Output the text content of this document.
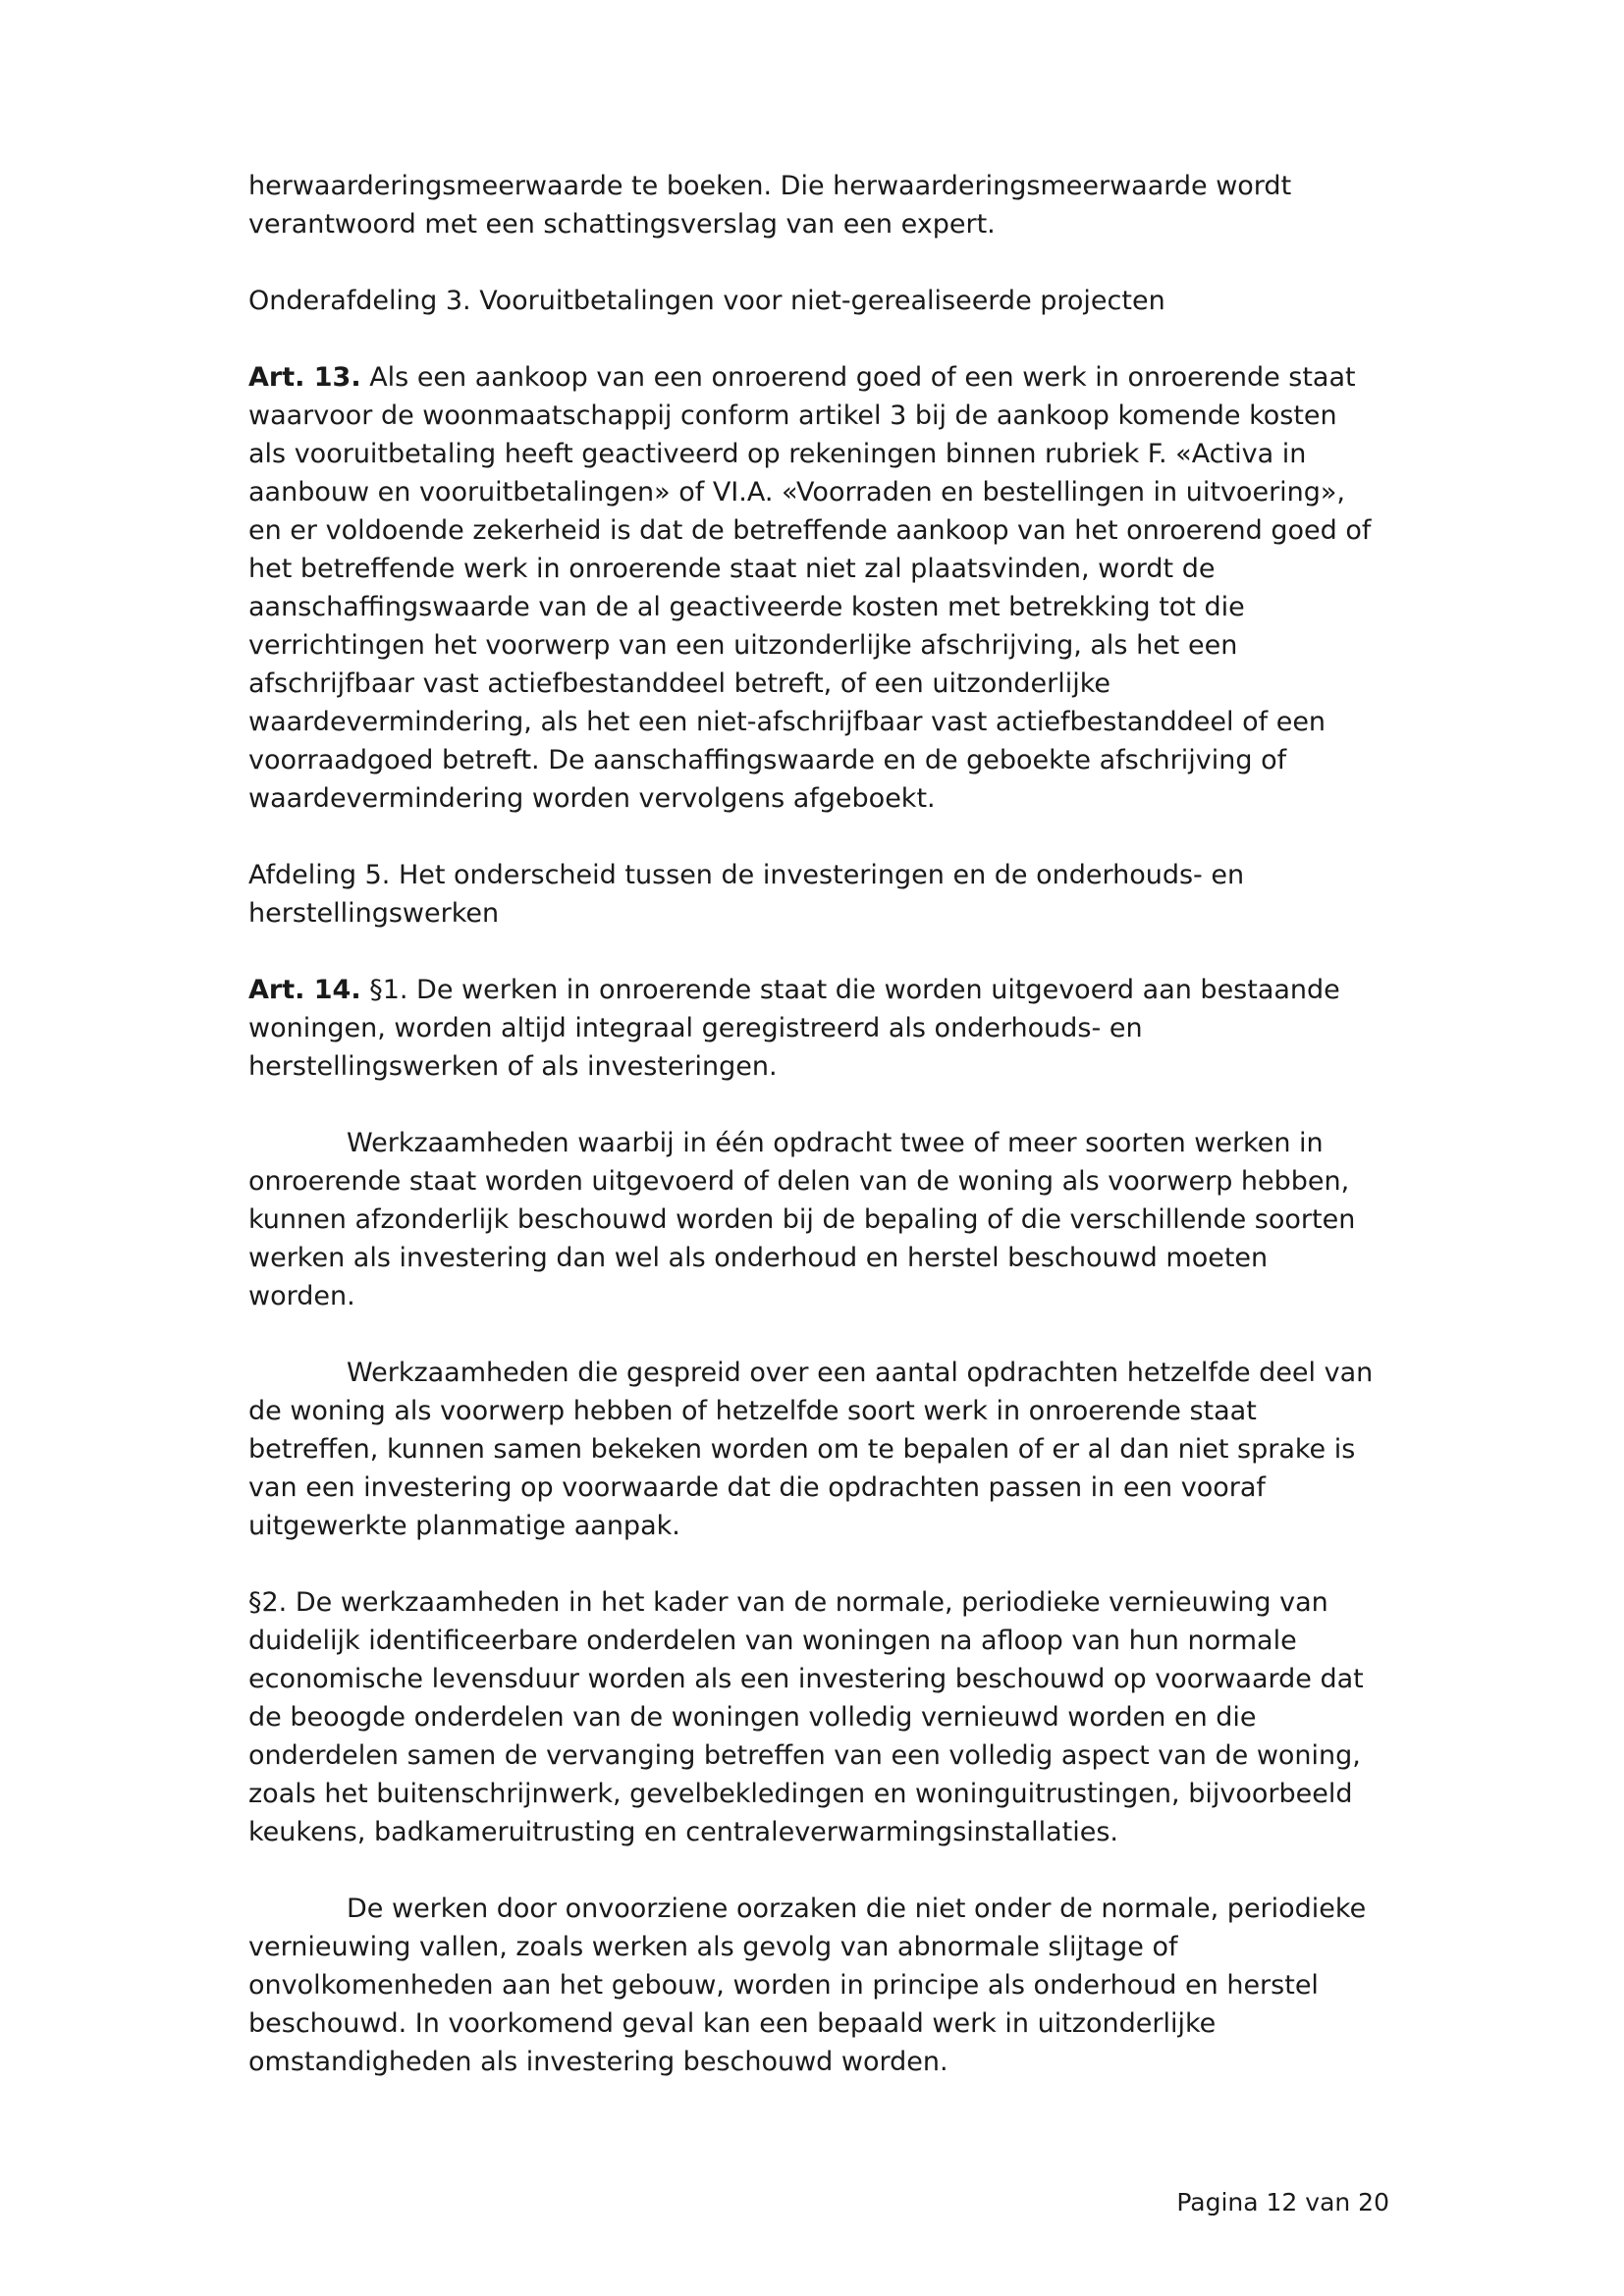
herwaarderingsmeerwaarde te boeken. Die herwaarderingsmeerwaarde wordt
verantwoord met een schattingsverslag van een expert.

Onderafdeling 3. Vooruitbetalingen voor niet-gerealiseerde projecten

Art. 13. Als een aankoop van een onroerend goed of een werk in onroerende staat
waarvoor de woonmaatschappij conform artikel 3 bij de aankoop komende kosten
als vooruitbetaling heeft geactiveerd op rekeningen binnen rubriek F. «Activa in
aanbouw en vooruitbetalingen» of VI.A. «Voorraden en bestellingen in uitvoering»,
en er voldoende zekerheid is dat de betreffende aankoop van het onroerend goed of
het betreffende werk in onroerende staat niet zal plaatsvinden, wordt de
aanschaffingswaarde van de al geactiveerde kosten met betrekking tot die
verrichtingen het voorwerp van een uitzonderlijke afschrijving, als het een
afschrijfbaar vast actiefbestanddeel betreft, of een uitzonderlijke
waardevermindering, als het een niet-afschrijfbaar vast actiefbestanddeel of een
voorraadgoed betreft. De aanschaffingswaarde en de geboekte afschrijving of
waardevermindering worden vervolgens afgeboekt.

Afdeling 5. Het onderscheid tussen de investeringen en de onderhouds- en
herstellingswerken

Art. 14. §1. De werken in onroerende staat die worden uitgevoerd aan bestaande
woningen, worden altijd integraal geregistreerd als onderhouds- en
herstellingswerken of als investeringen.

Werkzaamheden waarbij in één opdracht twee of meer soorten werken in
onroerende staat worden uitgevoerd of delen van de woning als voorwerp hebben,
kunnen afzonderlijk beschouwd worden bij de bepaling of die verschillende soorten
werken als investering dan wel als onderhoud en herstel beschouwd moeten
worden.

Werkzaamheden die gespreid over een aantal opdrachten hetzelfde deel van
de woning als voorwerp hebben of hetzelfde soort werk in onroerende staat
betreffen, kunnen samen bekeken worden om te bepalen of er al dan niet sprake is
van een investering op voorwaarde dat die opdrachten passen in een vooraf
uitgewerkte planmatige aanpak.

§2. De werkzaamheden in het kader van de normale, periodieke vernieuwing van
duidelijk identificeerbare onderdelen van woningen na afloop van hun normale
economische levensduur worden als een investering beschouwd op voorwaarde dat
de beoogde onderdelen van de woningen volledig vernieuwd worden en die
onderdelen samen de vervanging betreffen van een volledig aspect van de woning,
zoals het buitenschrijnwerk, gevelbekledingen en woninguitrustingen, bijvoorbeeld
keukens, badkameruitrusting en centraleverwarmingsinstallaties.

De werken door onvoorziene oorzaken die niet onder de normale, periodieke
vernieuwing vallen, zoals werken als gevolg van abnormale slijtage of
onvolkomenheden aan het gebouw, worden in principe als onderhoud en herstel
beschouwd. In voorkomend geval kan een bepaald werk in uitzonderlijke
omstandigheden als investering beschouwd worden.

Pagina 12 van 20
